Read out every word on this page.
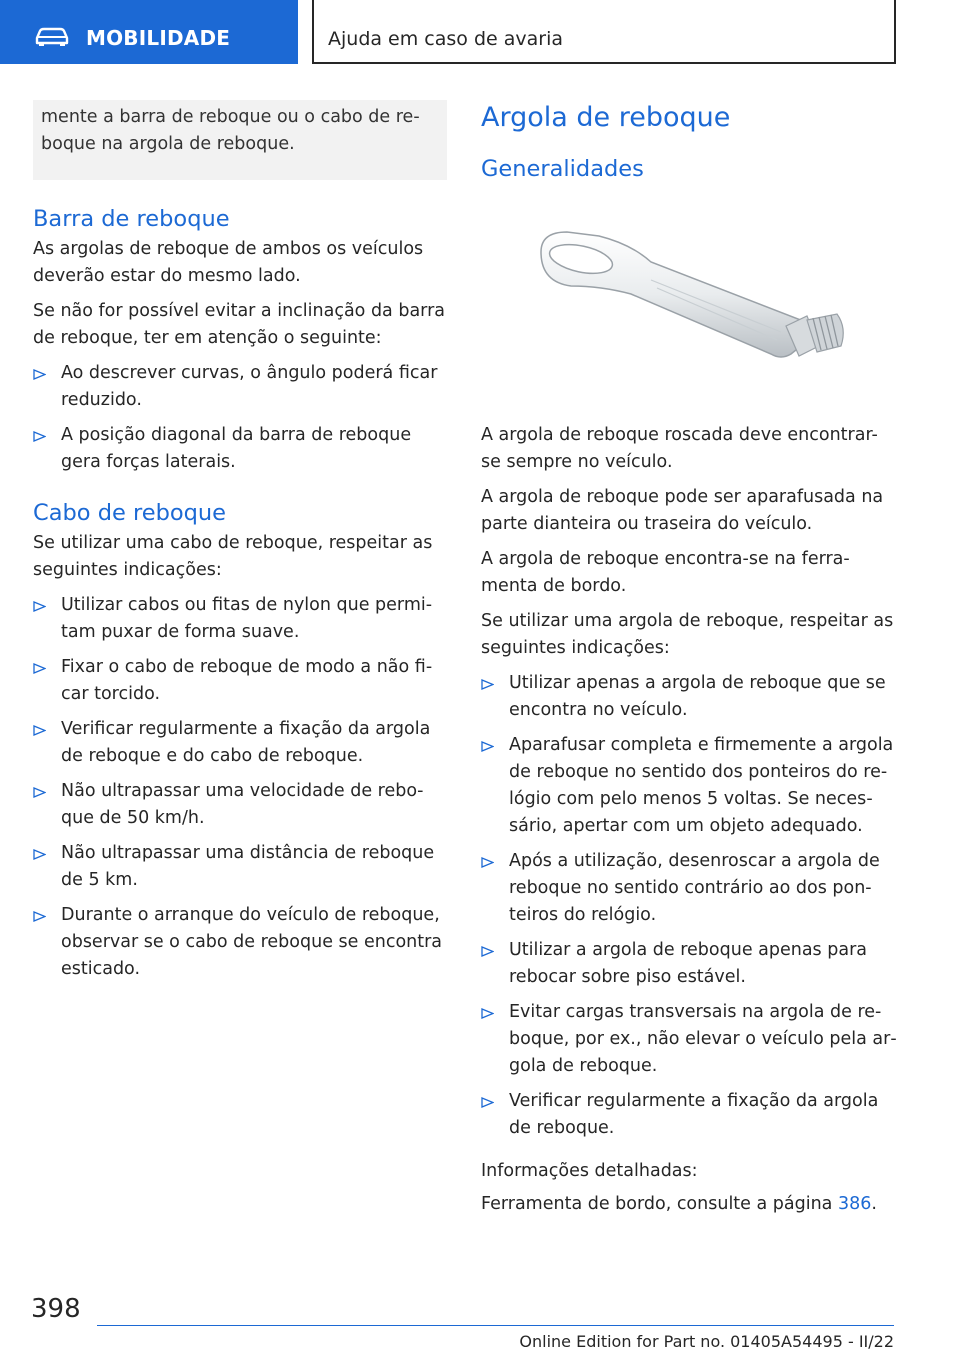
MOBILIDADE	Ajuda em caso de avaria

mente a barra de reboque ou o cabo de reboque na argola de reboque.

Barra de reboque

As argolas de reboque de ambos os veículos deverão estar do mesmo lado.

Se não for possível evitar a inclinação da barra de reboque, ter em atenção o seguinte:

Ao descrever curvas, o ângulo poderá ficar reduzido.
A posição diagonal da barra de reboque gera forças laterais.
Cabo de reboque

Se utilizar uma cabo de reboque, respeitar as seguintes indicações:

Utilizar cabos ou fitas de nylon que permitam puxar de forma suave.
Fixar o cabo de reboque de modo a não ficar torcido.
Verificar regularmente a fixação da argola de reboque e do cabo de reboque.
Não ultrapassar uma velocidade de reboque de 50 km/h.
Não ultrapassar uma distância de reboque de 5 km.
Durante o arranque do veículo de reboque, observar se o cabo de reboque se encontra esticado.
Argola de reboque
Generalidades

A argola de reboque roscada deve encontrar-se sempre no veículo.

A argola de reboque pode ser aparafusada na parte dianteira ou traseira do veículo.

A argola de reboque encontra-se na ferramenta de bordo.

Se utilizar uma argola de reboque, respeitar as seguintes indicações:

Utilizar apenas a argola de reboque que se encontra no veículo.
Aparafusar completa e firmemente a argola de reboque no sentido dos ponteiros do relógio com pelo menos 5 voltas. Se necessário, apertar com um objeto adequado.
Após a utilização, desenroscar a argola de reboque no sentido contrário ao dos ponteiros do relógio.
Utilizar a argola de reboque apenas para rebocar sobre piso estável.
Evitar cargas transversais na argola de reboque, por ex., não elevar o veículo pela argola de reboque.
Verificar regularmente a fixação da argola de reboque.

Informações detalhadas:

Ferramenta de bordo, consulte a página 386.

398
Online Edition for Part no. 01405A54495 - II/22
